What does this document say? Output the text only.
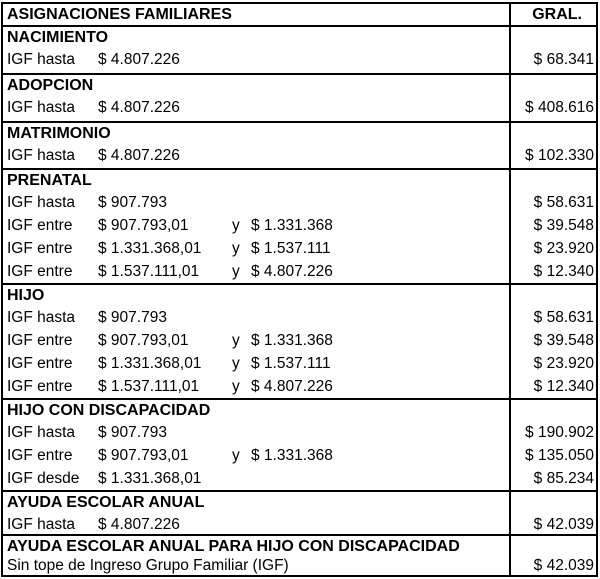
ASIGNACIONES FAMILIARES	GRAL.
NACIMIENTO
IGF hasta $ 4.807.226	$ 68.341
ADOPCION
IGF hasta $ 4.807.226	$ 408.616
MATRIMONIO
IGF hasta $ 4.807.226	$ 102.330
PRENATAL
IGF hasta $ 907.793	$ 58.631
IGF entre $ 907.793,01	y $ 1.331.368	$ 39.548
IGF entre $ 1.331.368,01 y $ 1.537.111	$ 23.920
IGF entre $ 1.537.111,01 y $ 4.807.226	$ 12.340
HIJO
IGF hasta $ 907.793	$ 58.631
IGF entre $ 907.793,01	y $ 1.331.368	$ 39.548
IGF entre $ 1.331.368,01 y $ 1.537.111	$ 23.920
IGF entre $ 1.537.111,01 y $ 4.807.226	$ 12.340
HIJO CON DISCAPACIDAD
IGF hasta $ 907.793	$ 190.902
IGF entre $ 907.793,01	y $ 1.331.368	$ 135.050
IGF desde $ 1.331.368,01	$ 85.234
AYUDA ESCOLAR ANUAL
IGF hasta $ 4.807.226	$ 42.039
AYUDA ESCOLAR ANUAL PARA HIJO CON DISCAPACIDAD
Sin tope de Ingreso Grupo Familiar (IGF)	$ 42.039
